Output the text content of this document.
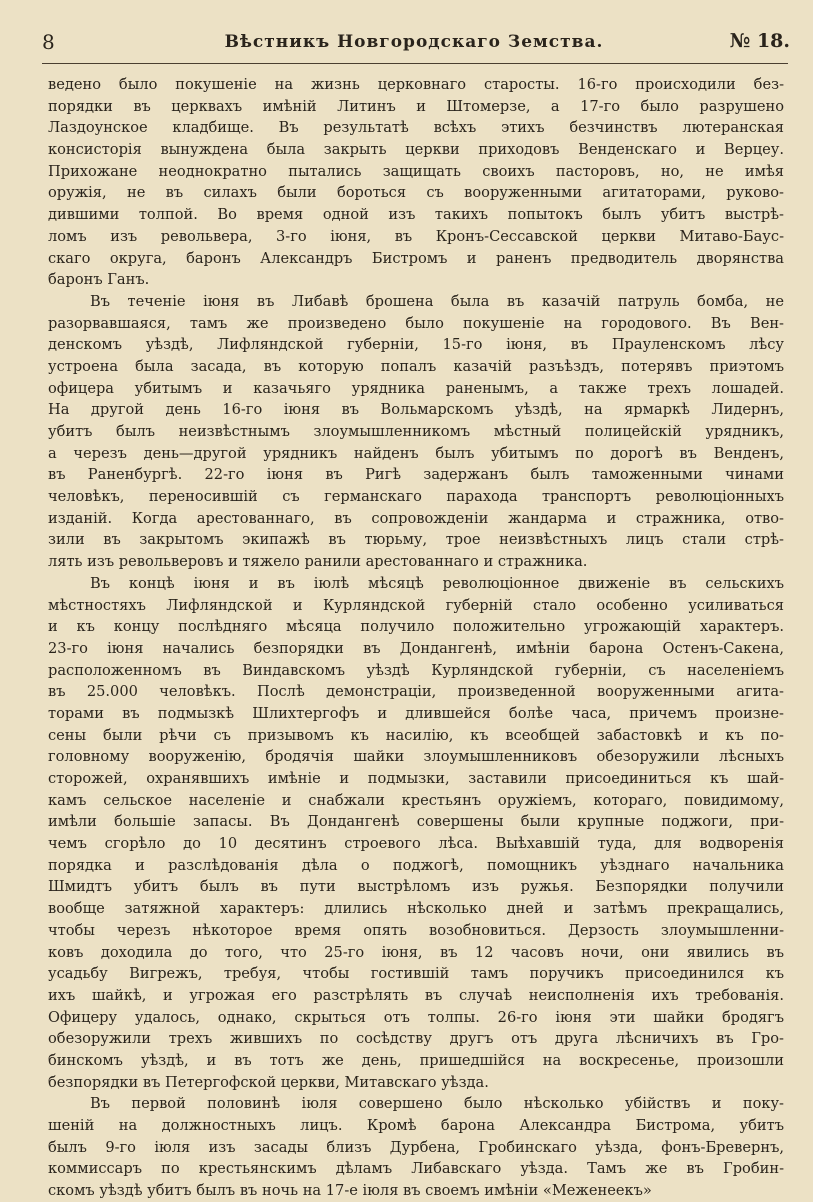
8	Вѣстникъ Новгородскаго Земства.	№ 18.
ведено было покушеніе на жизнь церковнаго старосты. 16-го происходили без-
порядки въ церквахъ имѣній Литинъ и Штомерзе, а 17-го было разрушено
Лаздоунское кладбище. Въ результатѣ всѣхъ этихъ безчинствъ лютеранская
консисторія вынуждена была закрыть церкви приходовъ Венденскаго и Верцеу.
Прихожане неоднократно пытались защищать своихъ пасторовъ, но, не имѣя
оружія, не въ силахъ были бороться съ вооруженными агитаторами, руково-
дившими толпой. Во время одной изъ такихъ попытокъ былъ убитъ выстрѣ-
ломъ изъ револьвера, 3-го іюня, въ Кронъ-Сессавской церкви Митаво-Баус-
скаго округа, баронъ Александръ Бистромъ и раненъ предводитель дворянства
баронъ Ганъ.
Въ теченіе іюня въ Либавѣ брошена была въ казачій патруль бомба, не
разорвавшаяся, тамъ же произведено было покушеніе на городового. Въ Вен-
денскомъ уѣздѣ, Лифляндской губерніи, 15-го іюня, въ Прауленскомъ лѣсу
устроена была засада, въ которую попалъ казачій разъѣздъ, потерявъ приэтомъ
офицера убитымъ и казачьяго урядника раненымъ, а также трехъ лошадей.
На другой день 16-го іюня въ Вольмарскомъ уѣздѣ, на ярмаркѣ Лидернъ,
убитъ былъ неизвѣстнымъ злоумышленникомъ мѣстный полицейскій урядникъ,
а черезъ день—другой урядникъ найденъ былъ убитымъ по дорогѣ въ Венденъ,
въ Раненбургѣ. 22-го іюня въ Ригѣ задержанъ былъ таможенными чинами
человѣкъ, переносившій съ германскаго парахода транспортъ революціонныхъ
изданій. Когда арестованнаго, въ сопровожденіи жандарма и стражника, отво-
зили въ закрытомъ экипажѣ въ тюрьму, трое неизвѣстныхъ лицъ стали стрѣ-
лять изъ револьверовъ и тяжело ранили арестованнаго и стражника.
Въ концѣ іюня и въ іюлѣ мѣсяцѣ революціонное движеніе въ сельскихъ
мѣстностяхъ Лифляндской и Курляндской губерній стало особенно усиливаться
и къ концу послѣдняго мѣсяца получило положительно угрожающій характеръ.
23-го іюня начались безпорядки въ Дондангенѣ, имѣніи барона Остенъ-Сакена,
расположенномъ въ Виндавскомъ уѣздѣ Курляндской губерніи, съ населеніемъ
въ 25.000 человѣкъ. Послѣ демонстраціи, произведенной вооруженными агита-
торами въ подмызкѣ Шлихтергофъ и длившейся болѣе часа, причемъ произне-
сены были рѣчи съ призывомъ къ насилію, къ всеобщей забастовкѣ и къ по-
головному вооруженію, бродячія шайки злоумышленниковъ обезоружили лѣсныхъ
сторожей, охранявшихъ имѣніе и подмызки, заставили присоединиться къ шай-
камъ сельское населеніе и снабжали крестьянъ оружіемъ, котораго, повидимому,
имѣли большіе запасы. Въ Дондангенѣ совершены были крупные поджоги, при-
чемъ сгорѣло до 10 десятинъ строевого лѣса. Выѣхавшій туда, для водворенія
порядка и разслѣдованія дѣла о поджогѣ, помощникъ уѣзднаго начальника
Шмидтъ убитъ былъ въ пути выстрѣломъ изъ ружья. Безпорядки получили
вообще затяжной характеръ: длились нѣсколько дней и затѣмъ прекращались,
чтобы черезъ нѣкоторое время опять возобновиться. Дерзость злоумышленни-
ковъ доходила до того, что 25-го іюня, въ 12 часовъ ночи, они явились въ
усадьбу Вигрежъ, требуя, чтобы гостившій тамъ поручикъ присоединился къ
ихъ шайкѣ, и угрожая его разстрѣлять въ случаѣ неисполненія ихъ требованія.
Офицеру удалось, однако, скрыться отъ толпы. 26-го іюня эти шайки бродягъ
обезоружили трехъ жившихъ по сосѣдству другъ отъ друга лѣсничихъ въ Гро-
бинскомъ уѣздѣ, и въ тотъ же день, пришедшійся на воскресенье, произошли
безпорядки въ Петергофской церкви, Митавскаго уѣзда.
Въ первой половинѣ іюля совершено было нѣсколько убійствъ и поку-
шеній на должностныхъ лицъ. Кромѣ барона Александра Бистрома, убитъ
былъ 9-го іюля изъ засады близъ Дурбена, Гробинскаго уѣзда, фонъ-Бревернъ,
коммиссаръ по крестьянскимъ дѣламъ Либавскаго уѣзда. Тамъ же въ Гробин-
скомъ уѣздѣ убитъ былъ въ ночь на 17-е іюля въ своемъ имѣніи «Меженеекъ»
